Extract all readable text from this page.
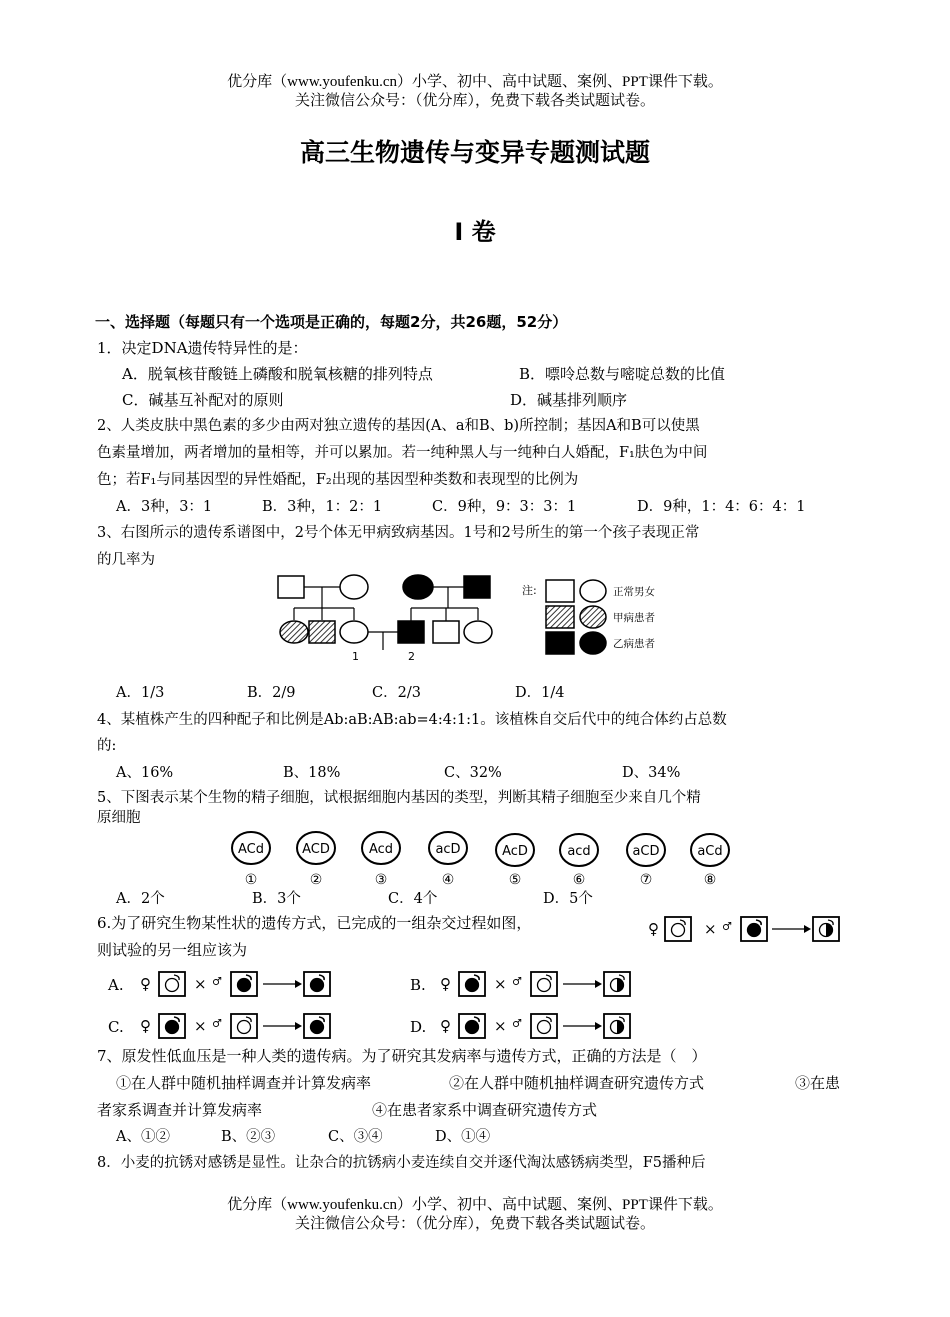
优分库（www.youfenku.cn）小学、初中、高中试题、案例、PPT课件下载。
关注微信公众号：（优分库），免费下载各类试题试卷。
高三生物遗传与变异专题测试题
Ⅰ 卷
一、选择题（每题只有一个选项是正确的，每题2分，共26题，52分）
1．决定DNA遗传特异性的是：
A．脱氧核苷酸链上磷酸和脱氧核糖的排列特点	B．嘌呤总数与嘧啶总数的比值
C．碱基互补配对的原则	D．碱基排列顺序
2、人类皮肤中黑色素的多少由两对独立遗传的基因(A、a和B、b)所控制；基因A和B可以使黑
色素量增加，两者增加的量相等，并可以累加。若一纯种黑人与一纯种白人婚配，F₁肤色为中间
色；若F₁与同基因型的异性婚配，F₂出现的基因型种类数和表现型的比例为
A．3种，3：1	B．3种，1：2：1	C．9种，9：3：3：1	D．9种，1：4：6：4：1
3、右图所示的遗传系谱图中，2号个体无甲病致病基因。1号和2号所生的第一个孩子表现正常
的几率为
1	2
注:	正常男女
甲病患者
乙病患者
A．1/3	B．2/9	C．2/3	D．1/4
4、某植株产生的四种配子和比例是Ab:aB:AB:ab=4:4:1:1。该植株自交后代中的纯合体约占总数
的:
A、16%	B、18%	C、32%	D、34%
5、下图表示某个生物的精子细胞，试根据细胞内基因的类型，判断其精子细胞至少来自几个精
原细胞
ACd
①
ACD
②
Acd
③
acD
④
AcD
⑤
acd
⑥
aCD
⑦
aCd
⑧
A．2个	B．3个	C．4个	D．5个
6.为了研究生物某性状的遗传方式，已完成的一组杂交过程如图，
则试验的另一组应该为
♀	× ♂
A. ♀	× ♂	B. ♀	× ♂
C. ♀	× ♂	D. ♀	× ♂
7、原发性低血压是一种人类的遗传病。为了研究其发病率与遗传方式，正确的方法是（　）
①在人群中随机抽样调查并计算发病率	②在人群中随机抽样调查研究遗传方式	③在患
者家系调查并计算发病率	④在患者家系中调查研究遗传方式
A、①②	B、②③	C、③④	D、①④
8．小麦的抗锈对感锈是显性。让杂合的抗锈病小麦连续自交并逐代淘汰感锈病类型，F5播种后
优分库（www.youfenku.cn）小学、初中、高中试题、案例、PPT课件下载。
关注微信公众号：（优分库），免费下载各类试题试卷。
